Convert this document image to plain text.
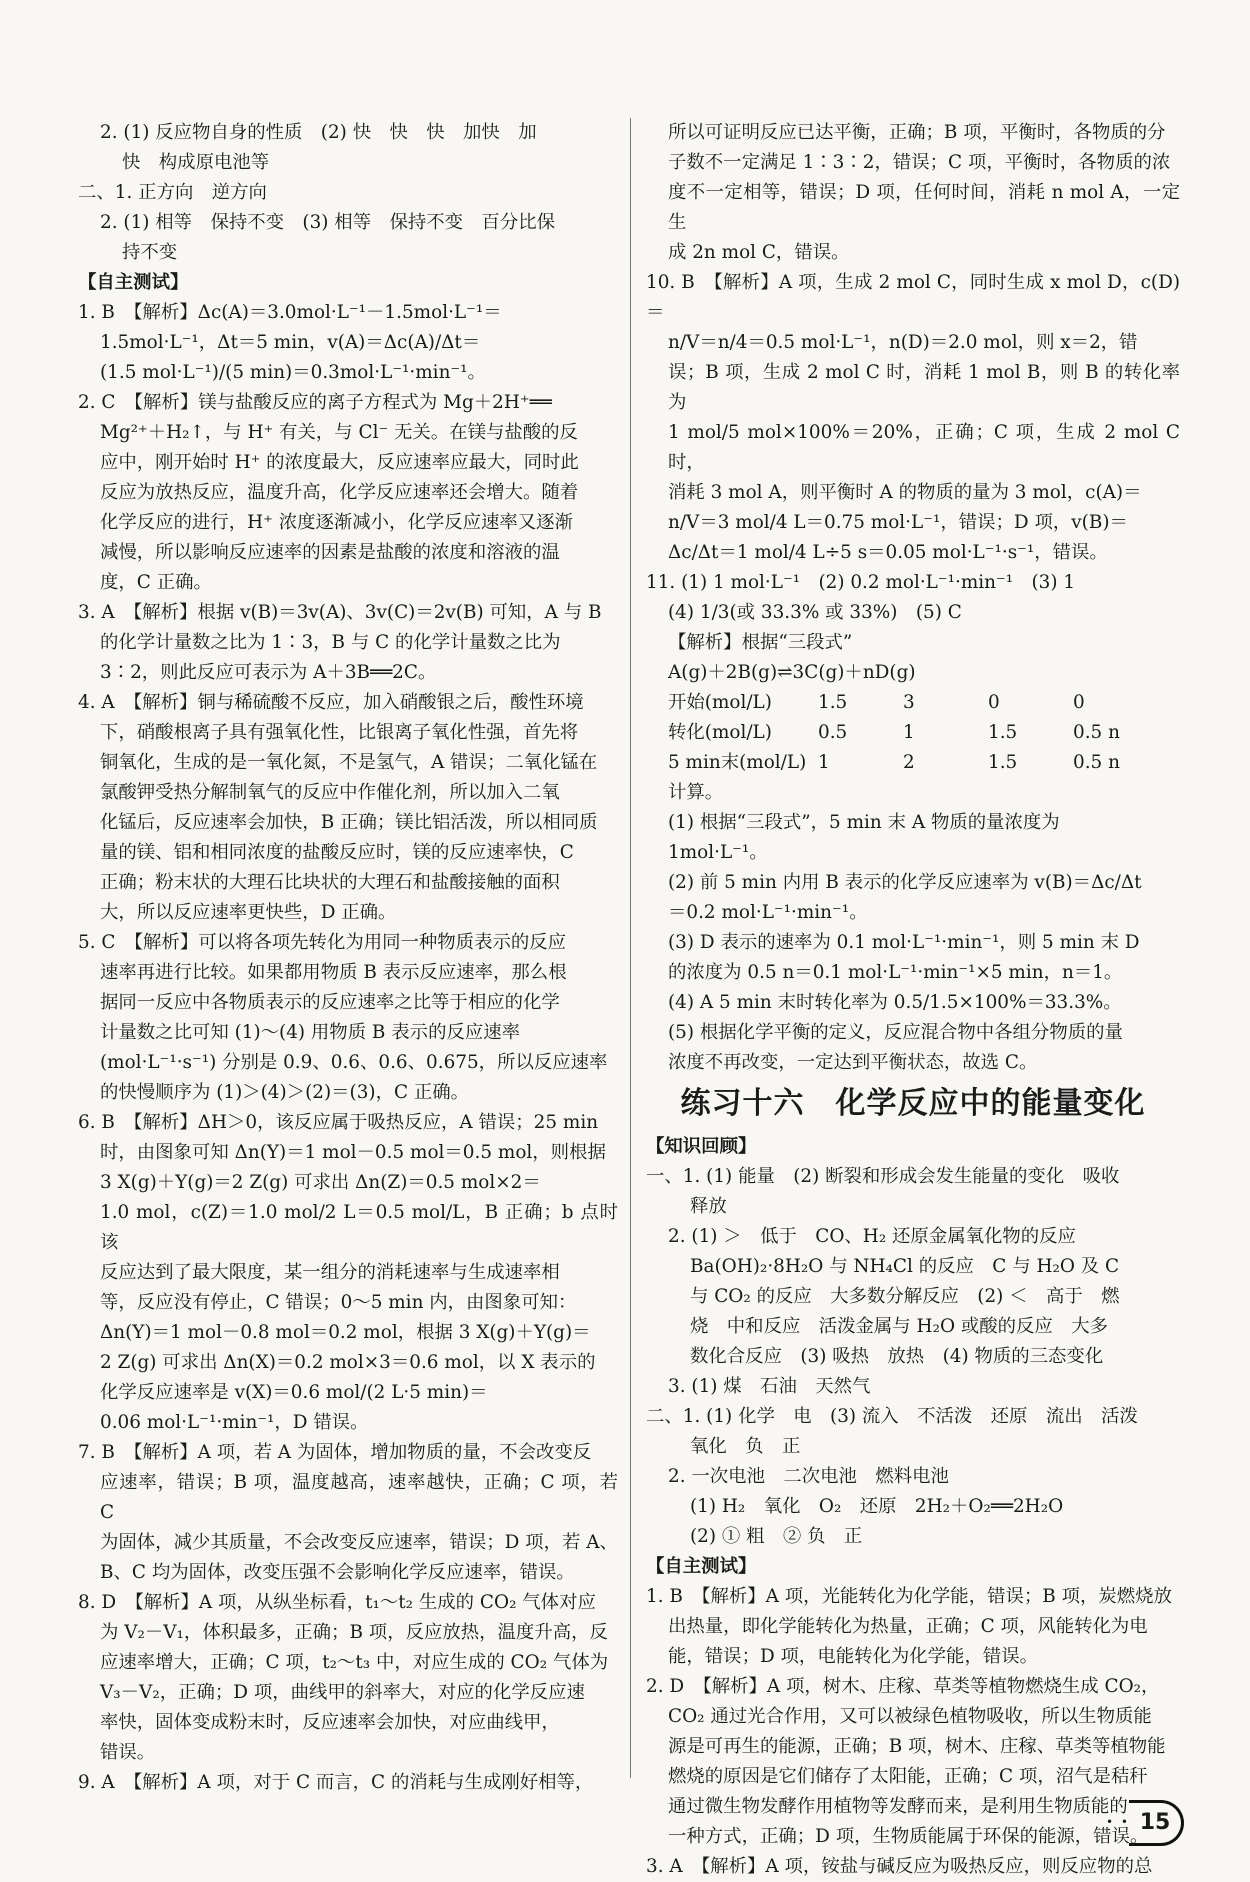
2. (1) 反应物自身的性质　(2) 快　快　快　加快　加

快　构成原电池等

二、1. 正方向　逆方向

2. (1) 相等　保持不变　(3) 相等　保持不变　百分比保

持不变

【自主测试】

1. B　【解析】Δc(A)＝3.0mol·L⁻¹－1.5mol·L⁻¹＝

1.5mol·L⁻¹，Δt＝5 min，v(A)＝Δc(A)/Δt＝

(1.5 mol·L⁻¹)/(5 min)＝0.3mol·L⁻¹·min⁻¹。

2. C　【解析】镁与盐酸反应的离子方程式为 Mg＋2H⁺══

Mg²⁺＋H₂↑，与 H⁺ 有关，与 Cl⁻ 无关。在镁与盐酸的反

应中，刚开始时 H⁺ 的浓度最大，反应速率应最大，同时此

反应为放热反应，温度升高，化学反应速率还会增大。随着

化学反应的进行，H⁺ 浓度逐渐减小，化学反应速率又逐渐

减慢，所以影响反应速率的因素是盐酸的浓度和溶液的温

度，C 正确。

3. A　【解析】根据 v(B)＝3v(A)、3v(C)＝2v(B) 可知，A 与 B

的化学计量数之比为 1∶3，B 与 C 的化学计量数之比为

3∶2，则此反应可表示为 A＋3B══2C。

4. A　【解析】铜与稀硫酸不反应，加入硝酸银之后，酸性环境

下，硝酸根离子具有强氧化性，比银离子氧化性强，首先将

铜氧化，生成的是一氧化氮，不是氢气，A 错误；二氧化锰在

氯酸钾受热分解制氧气的反应中作催化剂，所以加入二氧

化锰后，反应速率会加快，B 正确；镁比铝活泼，所以相同质

量的镁、铝和相同浓度的盐酸反应时，镁的反应速率快，C

正确；粉末状的大理石比块状的大理石和盐酸接触的面积

大，所以反应速率更快些，D 正确。

5. C　【解析】可以将各项先转化为用同一种物质表示的反应

速率再进行比较。如果都用物质 B 表示反应速率，那么根

据同一反应中各物质表示的反应速率之比等于相应的化学

计量数之比可知 (1)～(4) 用物质 B 表示的反应速率

(mol·L⁻¹·s⁻¹) 分别是 0.9、0.6、0.6、0.675，所以反应速率

的快慢顺序为 (1)＞(4)＞(2)＝(3)，C 正确。

6. B　【解析】ΔH＞0，该反应属于吸热反应，A 错误；25 min

时，由图象可知 Δn(Y)＝1 mol－0.5 mol＝0.5 mol，则根据

3 X(g)＋Y(g)＝2 Z(g) 可求出 Δn(Z)＝0.5 mol×2＝

1.0 mol，c(Z)＝1.0 mol/2 L＝0.5 mol/L，B 正确；b 点时该

反应达到了最大限度，某一组分的消耗速率与生成速率相

等，反应没有停止，C 错误；0～5 min 内，由图象可知：

Δn(Y)＝1 mol－0.8 mol＝0.2 mol，根据 3 X(g)＋Y(g)＝

2 Z(g) 可求出 Δn(X)＝0.2 mol×3＝0.6 mol，以 X 表示的

化学反应速率是 v(X)＝0.6 mol/(2 L·5 min)＝

0.06 mol·L⁻¹·min⁻¹，D 错误。

7. B　【解析】A 项，若 A 为固体，增加物质的量，不会改变反

应速率，错误；B 项，温度越高，速率越快，正确；C 项，若 C

为固体，减少其质量，不会改变反应速率，错误；D 项，若 A、

B、C 均为固体，改变压强不会影响化学反应速率，错误。

8. D　【解析】A 项，从纵坐标看，t₁～t₂ 生成的 CO₂ 气体对应

为 V₂－V₁，体积最多，正确；B 项，反应放热，温度升高，反

应速率增大，正确；C 项，t₂～t₃ 中，对应生成的 CO₂ 气体为

V₃－V₂，正确；D 项，曲线甲的斜率大，对应的化学反应速

率快，固体变成粉末时，反应速率会加快，对应曲线甲，

错误。

9. A　【解析】A 项，对于 C 而言，C 的消耗与生成刚好相等，

所以可证明反应已达平衡，正确；B 项，平衡时，各物质的分

子数不一定满足 1∶3∶2，错误；C 项，平衡时，各物质的浓

度不一定相等，错误；D 项，任何时间，消耗 n mol A，一定生

成 2n mol C，错误。

10. B　【解析】A 项，生成 2 mol C，同时生成 x mol D，c(D)＝

n/V＝n/4＝0.5 mol·L⁻¹，n(D)＝2.0 mol，则 x＝2，错

误；B 项，生成 2 mol C 时，消耗 1 mol B，则 B 的转化率为

1 mol/5 mol×100%＝20%，正确；C 项，生成 2 mol C 时，

消耗 3 mol A，则平衡时 A 的物质的量为 3 mol，c(A)＝

n/V＝3 mol/4 L＝0.75 mol·L⁻¹，错误；D 项，v(B)＝

Δc/Δt＝1 mol/4 L÷5 s＝0.05 mol·L⁻¹·s⁻¹，错误。

11. (1) 1 mol·L⁻¹　(2) 0.2 mol·L⁻¹·min⁻¹　(3) 1

(4) 1/3(或 33.3% 或 33%)　(5) C

【解析】根据“三段式”

A(g)＋2B(g)⇌3C(g)＋nD(g)

开始(mol/L)	1.5	3	0	0
转化(mol/L)	0.5	1	1.5	0.5 n
5 min末(mol/L) 1	2	1.5	0.5 n

计算。

(1) 根据“三段式”，5 min 末 A 物质的量浓度为

1mol·L⁻¹。

(2) 前 5 min 内用 B 表示的化学反应速率为 v(B)＝Δc/Δt

＝0.2 mol·L⁻¹·min⁻¹。

(3) D 表示的速率为 0.1 mol·L⁻¹·min⁻¹，则 5 min 末 D

的浓度为 0.5 n＝0.1 mol·L⁻¹·min⁻¹×5 min，n＝1。

(4) A 5 min 末时转化率为 0.5/1.5×100%＝33.3%。

(5) 根据化学平衡的定义，反应混合物中各组分物质的量

浓度不再改变，一定达到平衡状态，故选 C。

练习十六　化学反应中的能量变化

【知识回顾】

一、1. (1) 能量　(2) 断裂和形成会发生能量的变化　吸收

释放

2. (1) ＞　低于　CO、H₂ 还原金属氧化物的反应

Ba(OH)₂·8H₂O 与 NH₄Cl 的反应　C 与 H₂O 及 C

与 CO₂ 的反应　大多数分解反应　(2) ＜　高于　燃

烧　中和反应　活泼金属与 H₂O 或酸的反应　大多

数化合反应　(3) 吸热　放热　(4) 物质的三态变化

3. (1) 煤　石油　天然气

二、1. (1) 化学　电　(3) 流入　不活泼　还原　流出　活泼

氧化　负　正

2. 一次电池　二次电池　燃料电池

(1) H₂　氧化　O₂　还原　2H₂＋O₂══2H₂O

(2) ① 粗　② 负　正

【自主测试】

1. B　【解析】A 项，光能转化为化学能，错误；B 项，炭燃烧放

出热量，即化学能转化为热量，正确；C 项，风能转化为电

能，错误；D 项，电能转化为化学能，错误。

2. D　【解析】A 项，树木、庄稼、草类等植物燃烧生成 CO₂，

CO₂ 通过光合作用，又可以被绿色植物吸收，所以生物质能

源是可再生的能源，正确；B 项，树木、庄稼、草类等植物能

燃烧的原因是它们储存了太阳能，正确；C 项，沼气是秸秆

通过微生物发酵作用植物等发酵而来，是利用生物质能的

一种方式，正确；D 项，生物质能属于环保的能源，错误。

3. A　【解析】A 项，铵盐与碱反应为吸热反应，则反应物的总

• • 15
